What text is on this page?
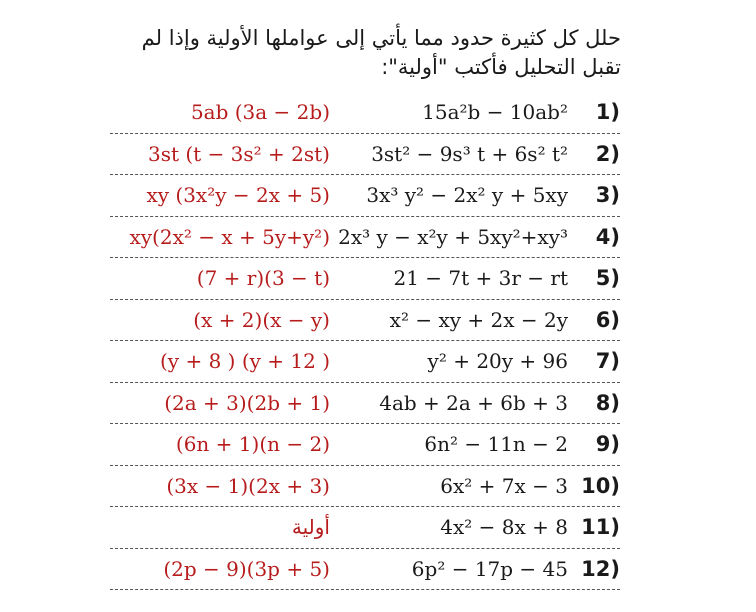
حلل كل كثيرة حدود مما يأتي إلى عواملها الأولية وإذا لم تقبل التحليل فأكتب "أولية":

1)
15a²b − 10ab²
5ab (3a − 2b)
2)
3st² − 9s³ t + 6s² t²
3st (t − 3s² + 2st)
3)
3x³ y² − 2x² y + 5xy
xy (3x²y − 2x + 5)
4)
2x³ y − x²y + 5xy²+xy³
xy(2x² − x + 5y+y²)
5)
21 − 7t + 3r − rt
(7 + r)(3 − t)
6)
x² − xy + 2x − 2y
(x + 2)(x − y)
7)
y² + 20y + 96
(y + 8 ) (y + 12 )
8)
4ab + 2a + 6b + 3
(2a + 3)(2b + 1)
9)
6n² − 11n − 2
(6n + 1)(n − 2)
10)
6x² + 7x − 3
(3x − 1)(2x + 3)
11)
4x² − 8x + 8
أولية
12)
6p² − 17p − 45
(2p − 9)(3p + 5)
